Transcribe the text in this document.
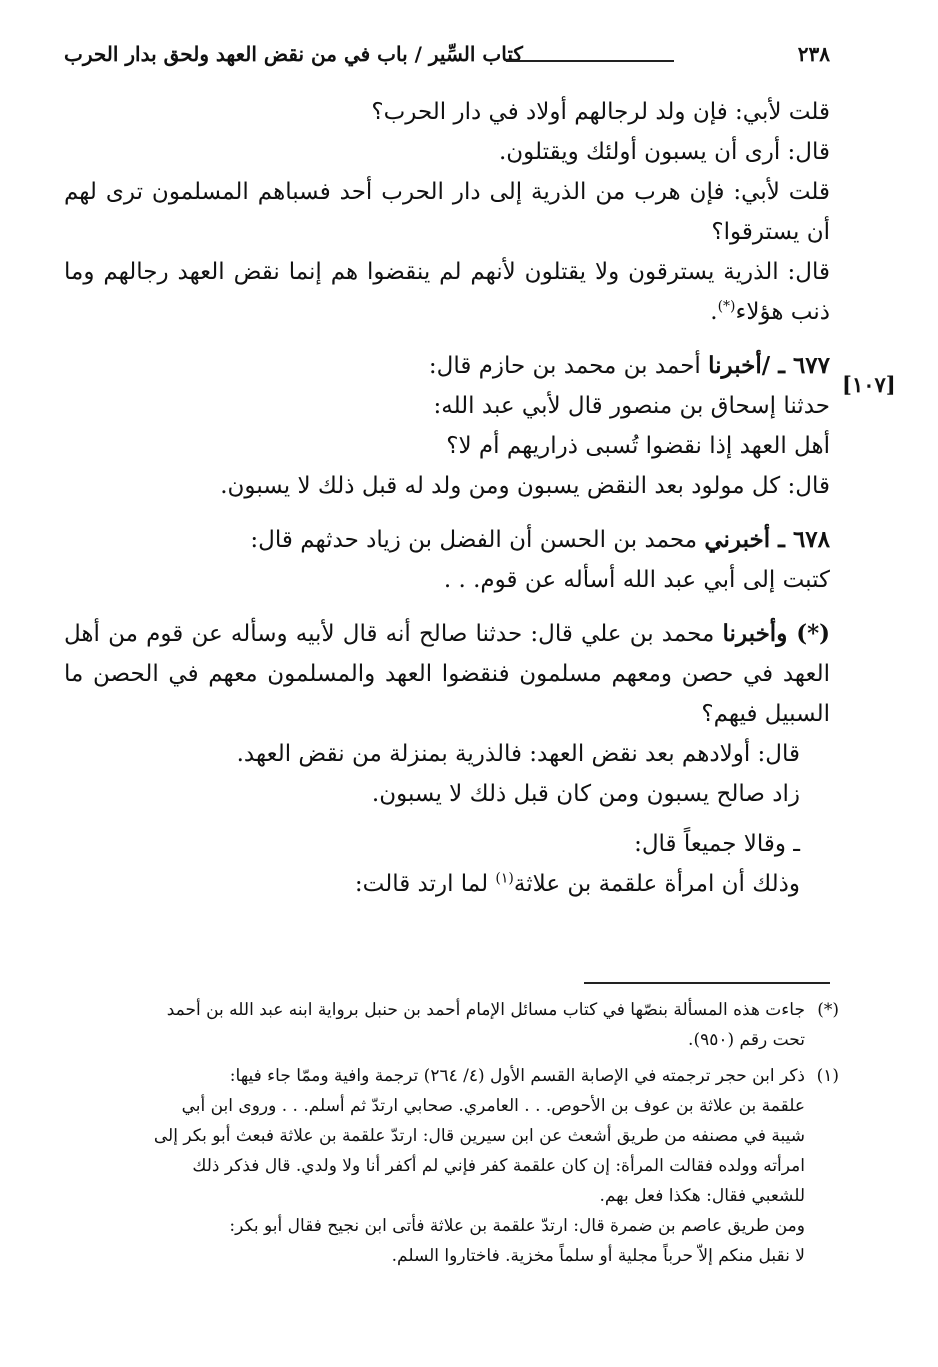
٢٣٨
كتاب السِّير / باب في من نقض العهد ولحق بدار الحرب
[١٠٧]

قلت لأبي: فإن ولد لرجالهم أولاد في دار الحرب؟

قال: أرى أن يسبون أولئك ويقتلون.

قلت لأبي: فإن هرب من الذرية إلى دار الحرب أحد فسباهم المسلمون ترى لهم أن يسترقوا؟

قال: الذرية يسترقون ولا يقتلون لأنهم لم ينقضوا هم إنما نقض العهد رجالهم وما ذنب هؤلاء(*).

٦٧٧ ـ /أخبرنا أحمد بن محمد بن حازم قال:

حدثنا إسحاق بن منصور قال لأبي عبد الله:

أهل العهد إذا نقضوا تُسبى ذراريهم أم لا؟

قال: كل مولود بعد النقض يسبون ومن ولد له قبل ذلك لا يسبون.

٦٧٨ ـ أخبرني محمد بن الحسن أن الفضل بن زياد حدثهم قال:

كتبت إلى أبي عبد الله أسأله عن قوم. . .

(*) وأخبرنا محمد بن علي قال: حدثنا صالح أنه قال لأبيه وسأله عن قوم من أهل العهد في حصن ومعهم مسلمون فنقضوا العهد والمسلمون معهم في الحصن ما السبيل فيهم؟

قال: أولادهم بعد نقض العهد: فالذرية بمنزلة من نقض العهد.

زاد صالح يسبون ومن كان قبل ذلك لا يسبون.

ـ وقالا جميعاً قال:

وذلك أن امرأة علقمة بن علاثة$^{(١)}$ لما ارتد قالت:

(*)

جاءت هذه المسألة بنصّها في كتاب مسائل الإمام أحمد بن حنبل برواية ابنه عبد الله بن أحمد

تحت رقم (٩٥٠).

(١)

ذكر ابن حجر ترجمته في الإصابة القسم الأول (٤/ ٢٦٤) ترجمة وافية وممّا جاء فيها:

علقمة بن علاثة بن عوف بن الأحوص. . . العامري. صحابي ارتدّ ثم أسلم. . . وروى ابن أبي

شيبة في مصنفه من طريق أشعث عن ابن سيرين قال: ارتدّ علقمة بن علاثة فبعث أبو بكر إلى

امرأته وولده فقالت المرأة: إن كان علقمة كفر فإني لم أكفر أنا ولا ولدي. قال فذكر ذلك

للشعبي فقال: هكذا فعل بهم.

ومن طريق عاصم بن ضمرة قال: ارتدّ علقمة بن علاثة فأتى ابن نجيح فقال أبو بكر:

لا نقبل منكم إلاّ حرباً مجلية أو سلماً مخزية. فاختاروا السلم.
